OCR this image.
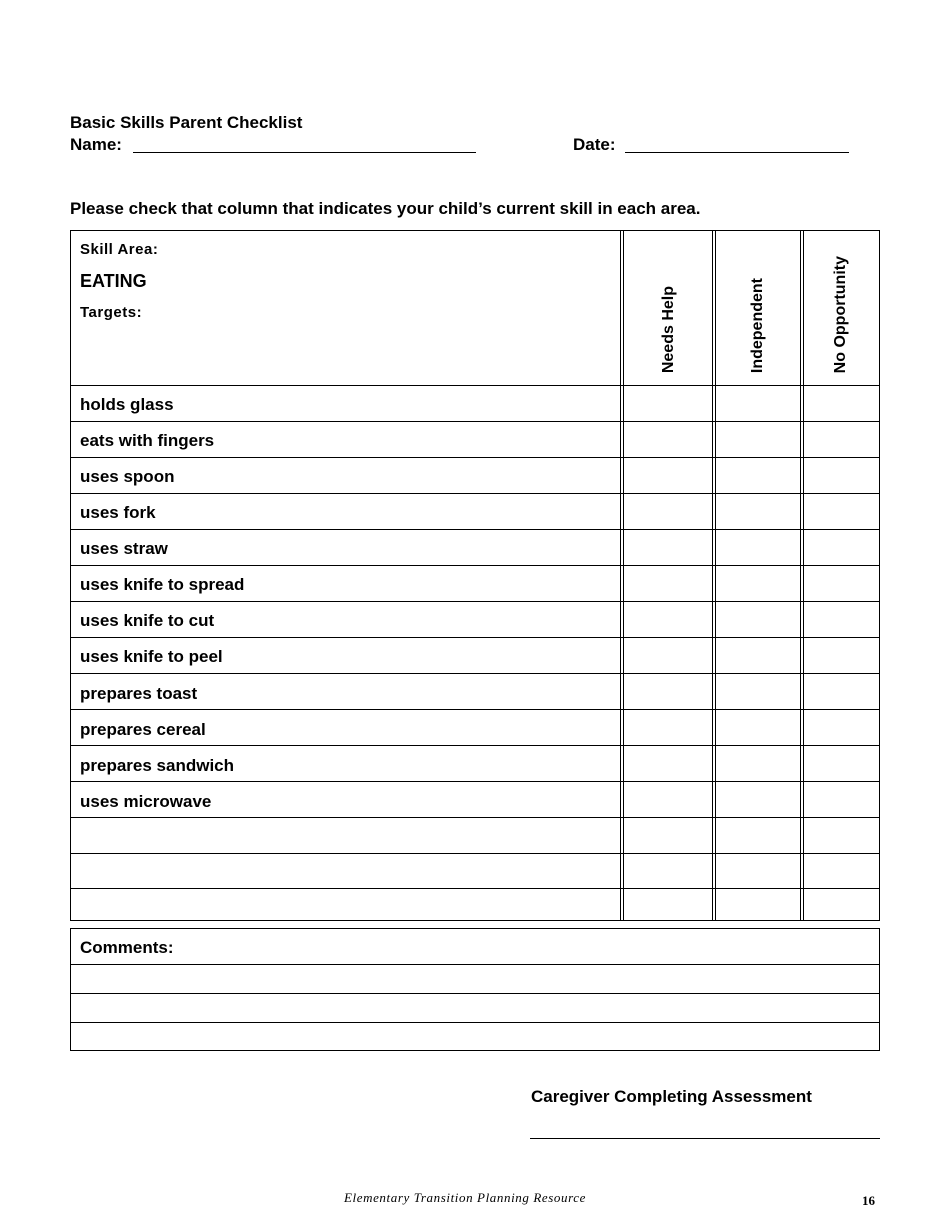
Basic Skills Parent Checklist
Name:	Date:
Please check that column that indicates your child’s current skill in each area.
Skill Area:
EATING
Targets:	Needs Help	Independent	No Opportunity
holds glass
eats with fingers
uses spoon
uses fork
uses straw
uses knife to spread
uses knife to cut
uses knife to peel
prepares toast
prepares cereal
prepares sandwich
uses microwave
Comments:
Caregiver Completing Assessment
Elementary Transition Planning Resource	16
